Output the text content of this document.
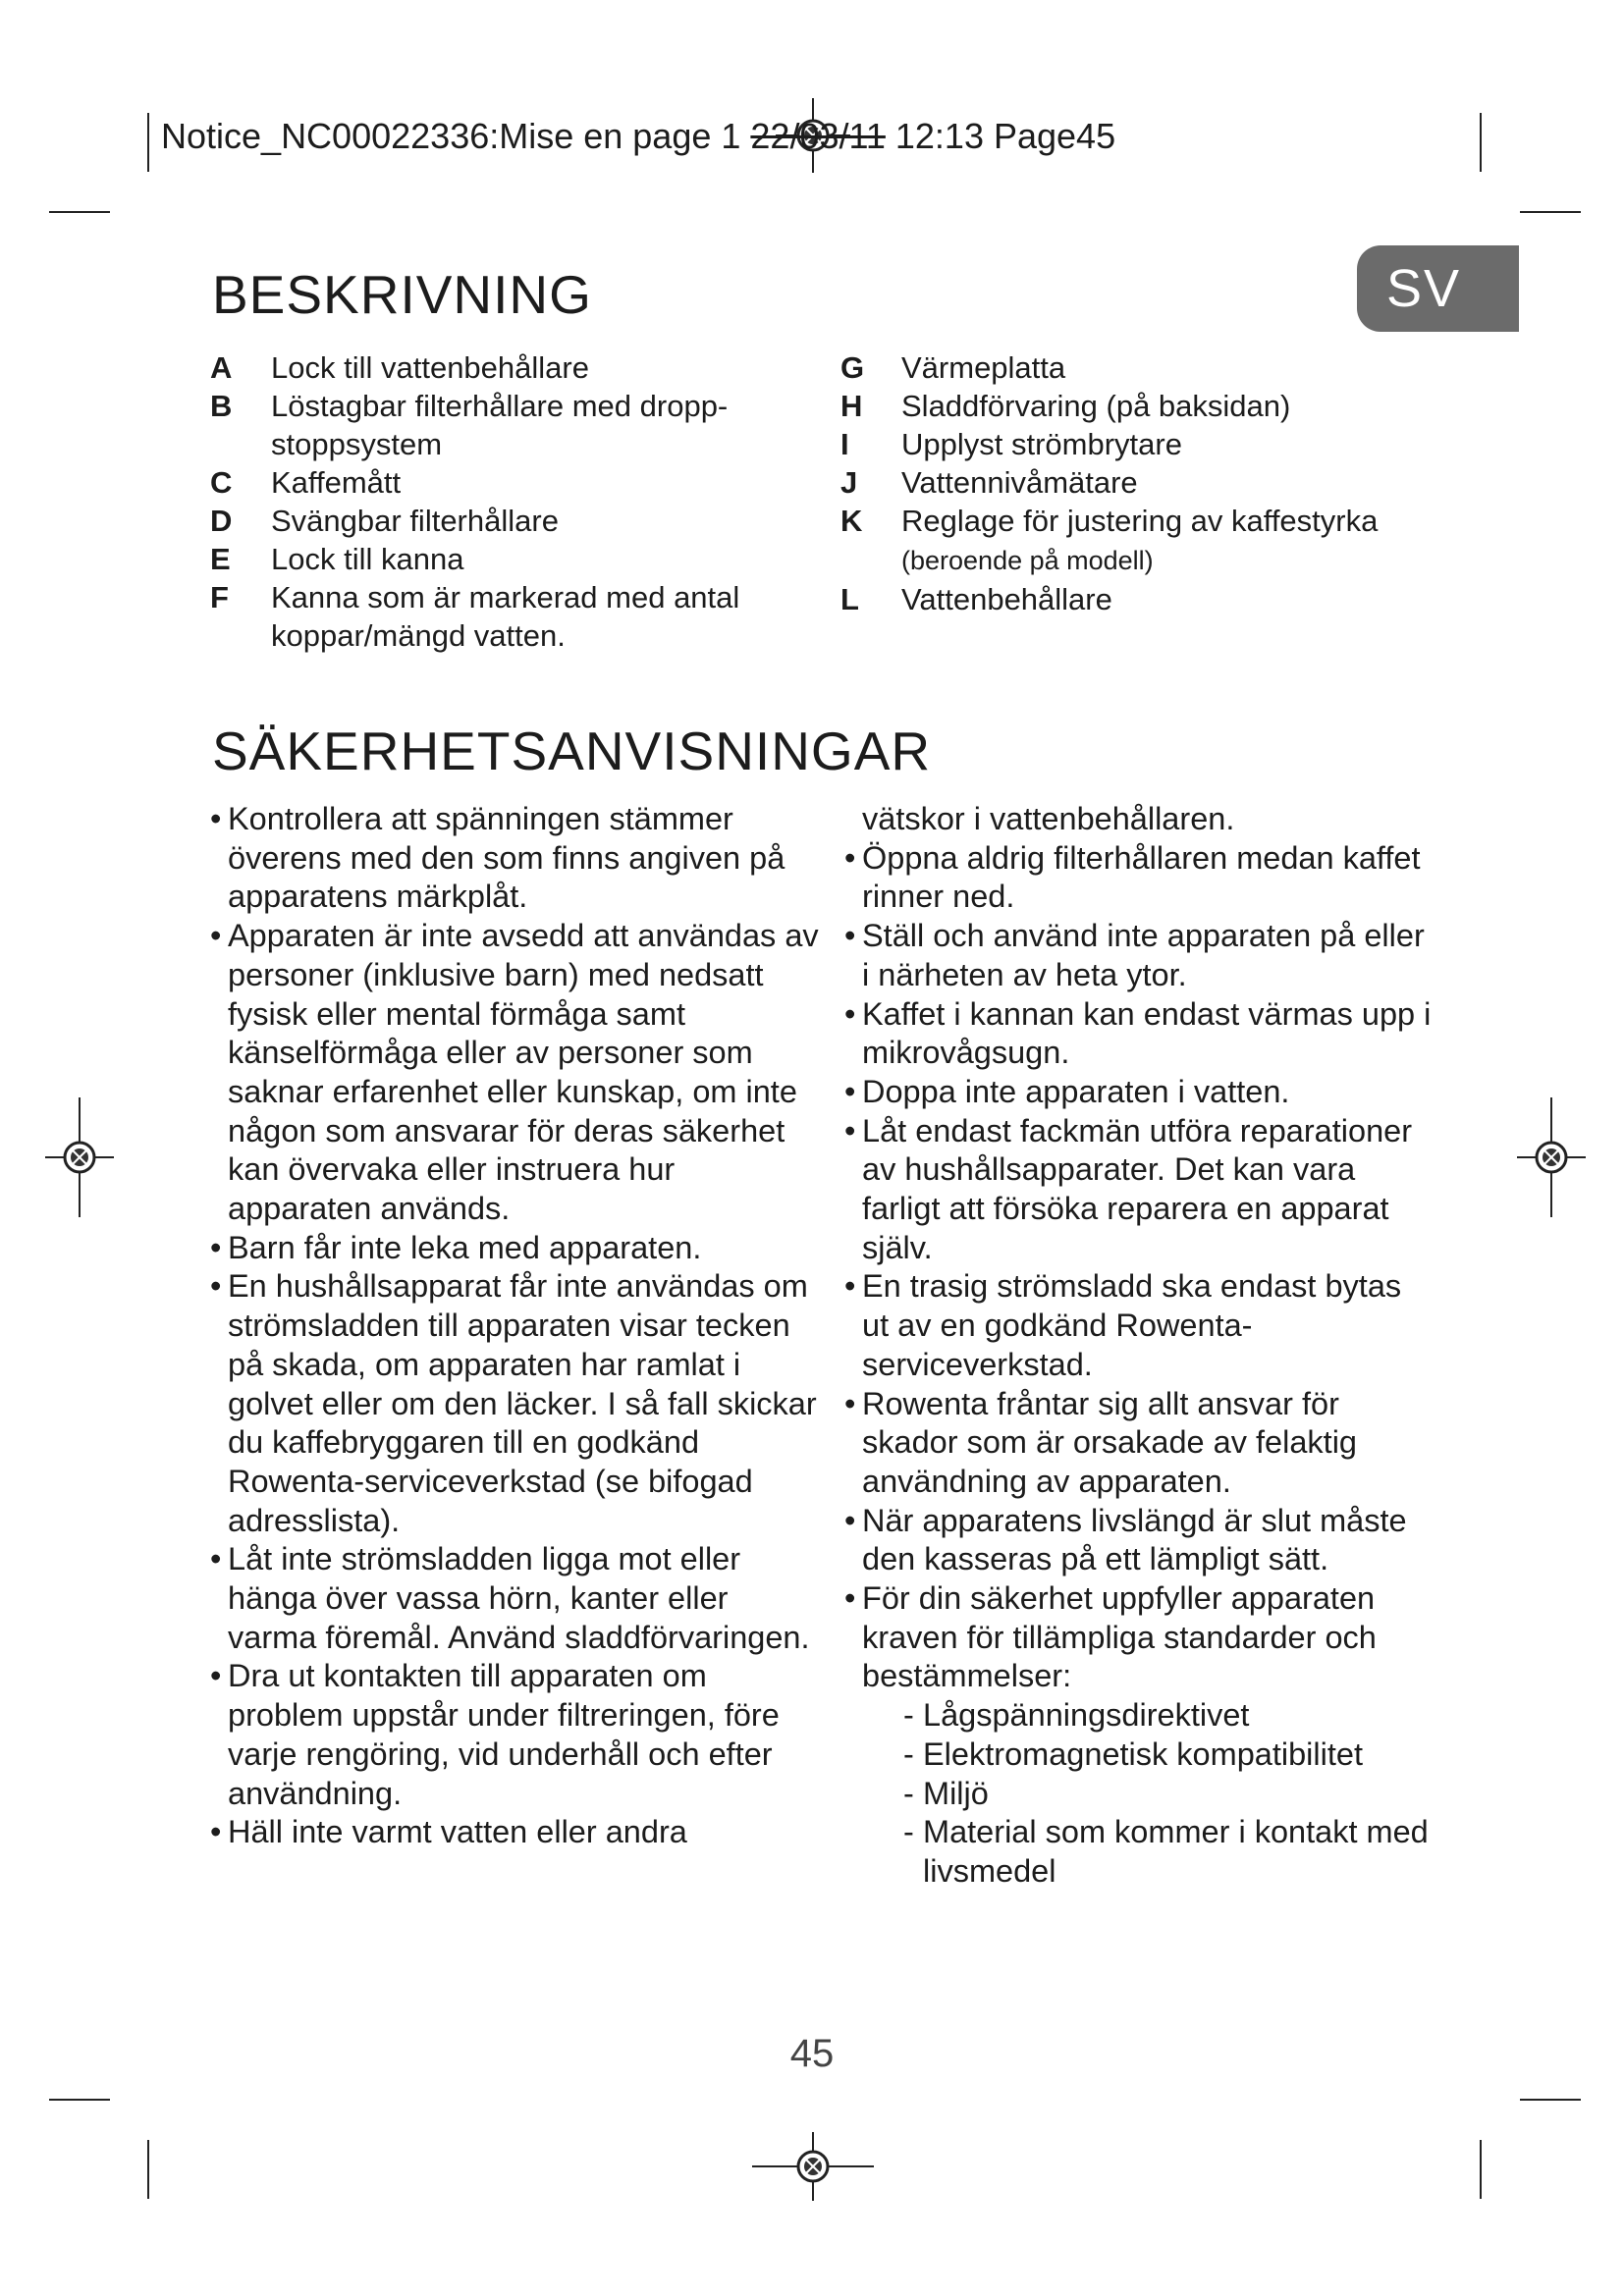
Notice_NC00022336:Mise en page 1 22/03/11 12:13 Page45
SV
BESKRIVNING
A Lock till vattenbehållare
B Löstagbar filterhållare med dropp-stoppsystem
C Kaffemått
D Svängbar filterhållare
E Lock till kanna
F Kanna som är markerad med antal koppar/mängd vatten.
G Värmeplatta
H Sladdförvaring (på baksidan)
I Upplyst strömbrytare
J Vattennivåmätare
K Reglage för justering av kaffestyrka
(beroende på modell)
L Vattenbehållare
SÄKERHETSANVISNINGAR
• Kontrollera att spänningen stämmer överens med den som finns angiven på apparatens märkplåt.
• Apparaten är inte avsedd att användas av personer (inklusive barn) med nedsatt fysisk eller mental förmåga samt känselförmåga eller av personer som saknar erfarenhet eller kunskap, om inte någon som ansvarar för deras säkerhet kan övervaka eller instruera hur apparaten används.
• Barn får inte leka med apparaten.
• En hushållsapparat får inte användas om strömsladden till apparaten visar tecken på skada, om apparaten har ramlat i golvet eller om den läcker. I så fall skickar du kaffebryggaren till en godkänd Rowenta-serviceverkstad (se bifogad adresslista).
• Låt inte strömsladden ligga mot eller hänga över vassa hörn, kanter eller varma föremål. Använd sladdförvaringen.
• Dra ut kontakten till apparaten om problem uppstår under filtreringen, före varje rengöring, vid underhåll och efter användning.
• Häll inte varmt vatten eller andra
vätskor i vattenbehållaren.
• Öppna aldrig filterhållaren medan kaffet rinner ned.
• Ställ och använd inte apparaten på eller i närheten av heta ytor.
• Kaffet i kannan kan endast värmas upp i mikrovågsugn.
• Doppa inte apparaten i vatten.
• Låt endast fackmän utföra reparationer av hushållsapparater. Det kan vara farligt att försöka reparera en apparat själv.
• En trasig strömsladd ska endast bytas ut av en godkänd Rowenta-serviceverkstad.
• Rowenta fråntar sig allt ansvar för skador som är orsakade av felaktig användning av apparaten.
• När apparatens livslängd är slut måste den kasseras på ett lämpligt sätt.
• För din säkerhet uppfyller apparaten kraven för tillämpliga standarder och bestämmelser:
- Lågspänningsdirektivet
- Elektromagnetisk kompatibilitet
- Miljö
- Material som kommer i kontakt med livsmedel
45
